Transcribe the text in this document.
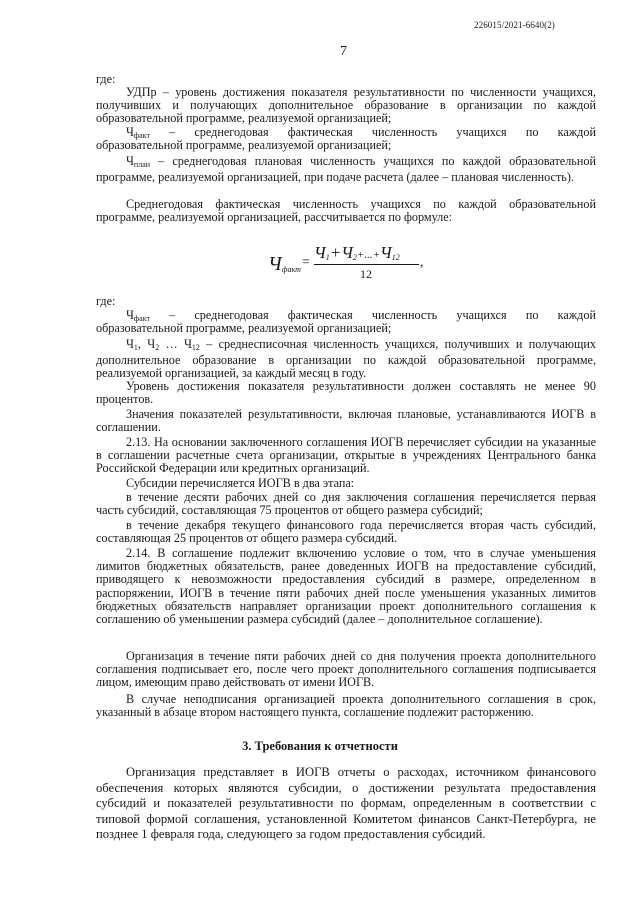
226015/2021-6640(2)
7
где:
УДПр – уровень достижения показателя результативности по численности учащихся, получивших и получающих дополнительное образование в организации по каждой образовательной программе, реализуемой организацией;
$Ч_{факт}$ – среднегодовая фактическая численность учащихся по каждой
образовательной программе, реализуемой организацией;
$Ч_{план}$ – среднегодовая плановая численность учащихся по каждой образовательной программе, реализуемой организацией, при подаче расчета (далее – плановая численность).
Среднегодовая фактическая численность учащихся по каждой образовательной программе, реализуемой организацией, рассчитывается по формуле:
$Ч_{факт}$ =
$Ч_1+Ч_2+...+Ч_{12}$
12
,
где:
$Ч_{факт}$ – среднегодовая фактическая численность учащихся по каждой
образовательной программе, реализуемой организацией;
$Ч_1$, $Ч_2$ … $Ч_{12}$ – среднесписочная численность учащихся, получивших и получающих дополнительное образование в организации по каждой образовательной программе, реализуемой организацией, за каждый месяц в году.
Уровень достижения показателя результативности должен составлять не менее 90 процентов.
Значения показателей результативности, включая плановые, устанавливаются ИОГВ в соглашении.
2.13. На основании заключенного соглашения ИОГВ перечисляет субсидии на указанные в соглашении расчетные счета организации, открытые в учреждениях Центрального банка Российской Федерации или кредитных организаций.
Субсидии перечисляется ИОГВ в два этапа:
в течение десяти рабочих дней со дня заключения соглашения перечисляется первая часть субсидий, составляющая 75 процентов от общего размера субсидий;
в течение декабря текущего финансового года перечисляется вторая часть субсидий, составляющая 25 процентов от общего размера субсидий.
2.14. В соглашение подлежит включению условие о том, что в случае уменьшения лимитов бюджетных обязательств, ранее доведенных ИОГВ на предоставление субсидий, приводящего к невозможности предоставления субсидий в размере, определенном в распоряжении, ИОГВ в течение пяти рабочих дней после уменьшения указанных лимитов бюджетных обязательств направляет организации проект дополнительного соглашения к соглашению об уменьшении размера субсидий (далее – дополнительное соглашение).
Организация в течение пяти рабочих дней со дня получения проекта дополнительного соглашения подписывает его, после чего проект дополнительного соглашения подписывается лицом, имеющим право действовать от имени ИОГВ.
В случае неподписания организацией проекта дополнительного соглашения в срок, указанный в абзаце втором настоящего пункта, соглашение подлежит расторжению.
3. Требования к отчетности
Организация представляет в ИОГВ отчеты о расходах, источником финансового обеспечения которых являются субсидии, о достижении результата предоставления субсидий и показателей результативности по формам, определенным в соответствии с типовой формой соглашения, установленной Комитетом финансов Санкт-Петербурга, не позднее 1 февраля года, следующего за годом предоставления субсидий.
